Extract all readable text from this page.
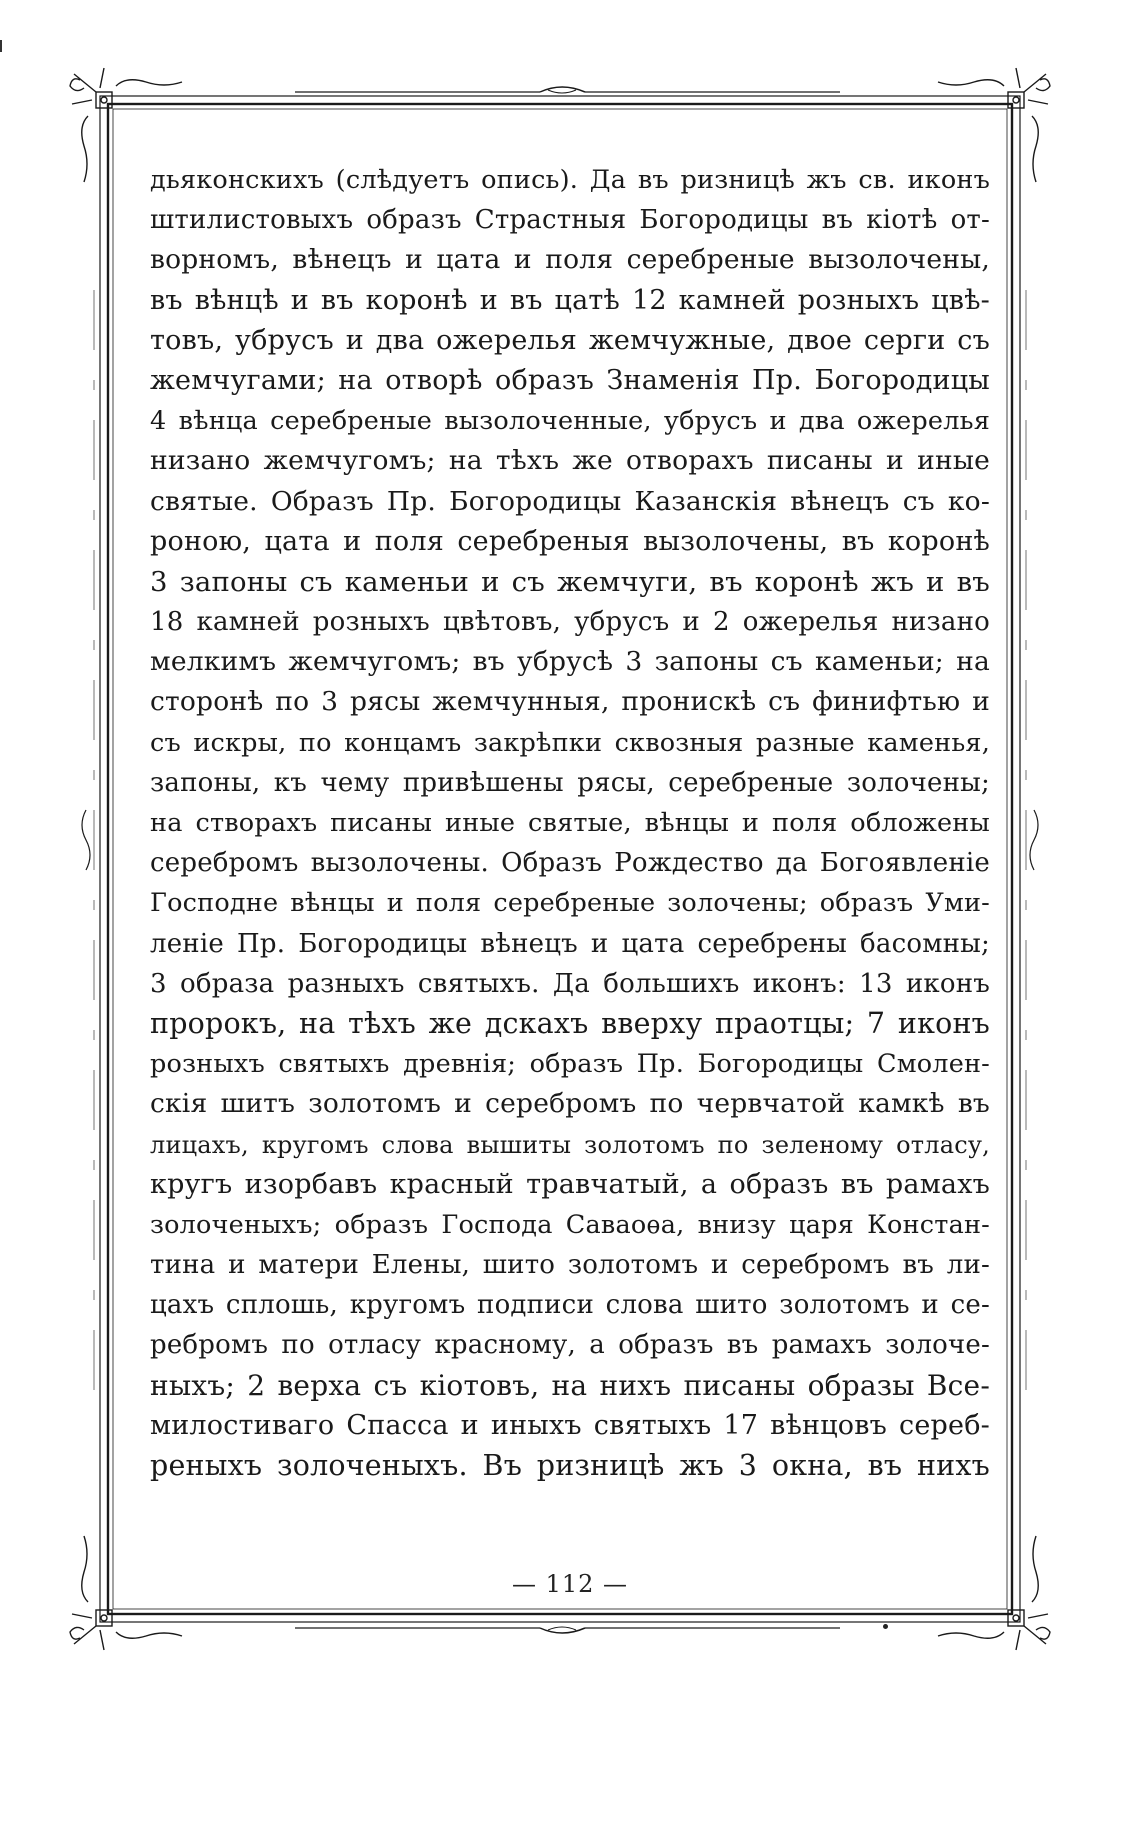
дьяконскихъ (слѣдуетъ опись). Да въ ризницѣ жъ св. иконъ
штилистовыхъ образъ Страстныя Богородицы въ кіотѣ от-
ворномъ, вѣнецъ и цата и поля серебреные вызолочены,
въ вѣнцѣ и въ коронѣ и въ цатѣ 12 камней розныхъ цвѣ-
товъ, убрусъ и два ожерелья жемчужные, двое серги съ
жемчугами; на отворѣ образъ Знаменія Пр. Богородицы
4 вѣнца серебреные вызолоченные, убрусъ и два ожерелья
низано жемчугомъ; на тѣхъ же отворахъ писаны и иные
святые. Образъ Пр. Богородицы Казанскія вѣнецъ съ ко-
роною, цата и поля серебреныя вызолочены, въ коронѣ
3 запоны съ каменьи и съ жемчуги, въ коронѣ жъ и въ
18 камней розныхъ цвѣтовъ, убрусъ и 2 ожерелья низано
мелкимъ жемчугомъ; въ убрусѣ 3 запоны съ каменьи; на
сторонѣ по 3 рясы жемчунныя, пронискѣ съ финифтью и
съ искры, по концамъ закрѣпки сквозныя разные каменья,
запоны, къ чему привѣшены рясы, серебреные золочены;
на створахъ писаны иные святые, вѣнцы и поля обложены
серебромъ вызолочены. Образъ Рождество да Богоявленіе
Господне вѣнцы и поля серебреные золочены; образъ Уми-
леніе Пр. Богородицы вѣнецъ и цата серебрены басомны;
3 образа разныхъ святыхъ. Да большихъ иконъ: 13 иконъ
пророкъ, на тѣхъ же дскахъ вверху праотцы; 7 иконъ
розныхъ святыхъ древнія; образъ Пр. Богородицы Смолен-
скія шитъ золотомъ и серебромъ по червчатой камкѣ въ
лицахъ, кругомъ слова вышиты золотомъ по зеленому отласу,
кругъ изорбавъ красный травчатый, а образъ въ рамахъ
золоченыхъ; образъ Господа Саваоѳа, внизу царя Констан-
тина и матери Елены, шито золотомъ и серебромъ въ ли-
цахъ сплошь, кругомъ подписи слова шито золотомъ и се-
ребромъ по отласу красному, а образъ въ рамахъ золоче-
ныхъ; 2 верха съ кіотовъ, на нихъ писаны образы Все-
милостиваго Спасса и иныхъ святыхъ 17 вѣнцовъ сереб-
реныхъ золоченыхъ. Въ ризницѣ жъ 3 окна, въ нихъ
— 112 —
